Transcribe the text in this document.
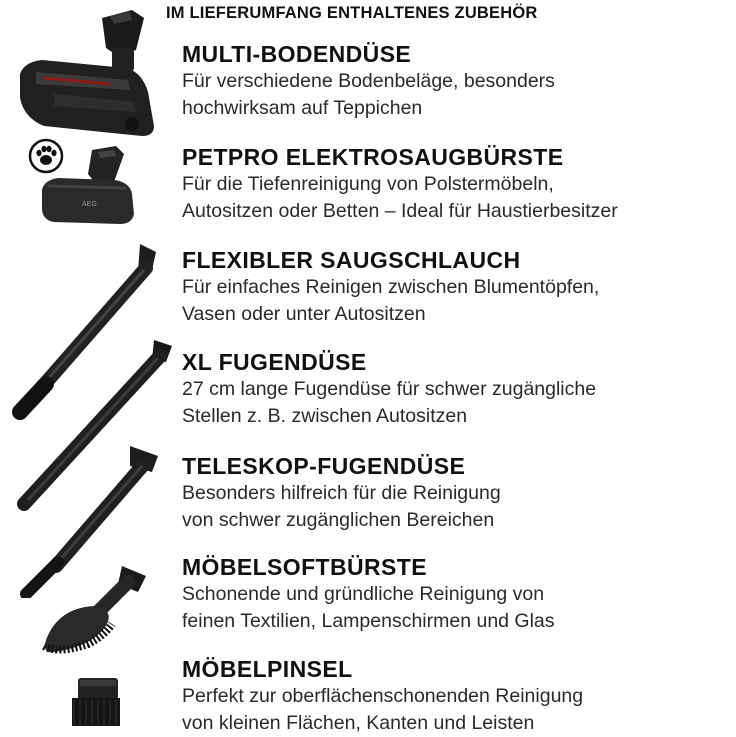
IM LIEFERUMFANG ENTHALTENES ZUBEHÖR
MULTI-BODENDÜSE
Für verschiedene Bodenbeläge, besonders
hochwirksam auf Teppichen
PETPRO ELEKTROSAUGBÜRSTE
Für die Tiefenreinigung von Polstermöbeln,
Autositzen oder Betten – Ideal für Haustierbesitzer
FLEXIBLER SAUGSCHLAUCH
Für einfaches Reinigen zwischen Blumentöpfen,
Vasen oder unter Autositzen
XL FUGENDÜSE
27 cm lange Fugendüse für schwer zugängliche
Stellen z. B. zwischen Autositzen
TELESKOP-FUGENDÜSE
Besonders hilfreich für die Reinigung
von schwer zugänglichen Bereichen
MÖBELSOFTBÜRSTE
Schonende und gründliche Reinigung von
feinen Textilien, Lampenschirmen und Glas
MÖBELPINSEL
Perfekt zur oberflächenschonenden Reinigung
von kleinen Flächen, Kanten und Leisten
AEG
